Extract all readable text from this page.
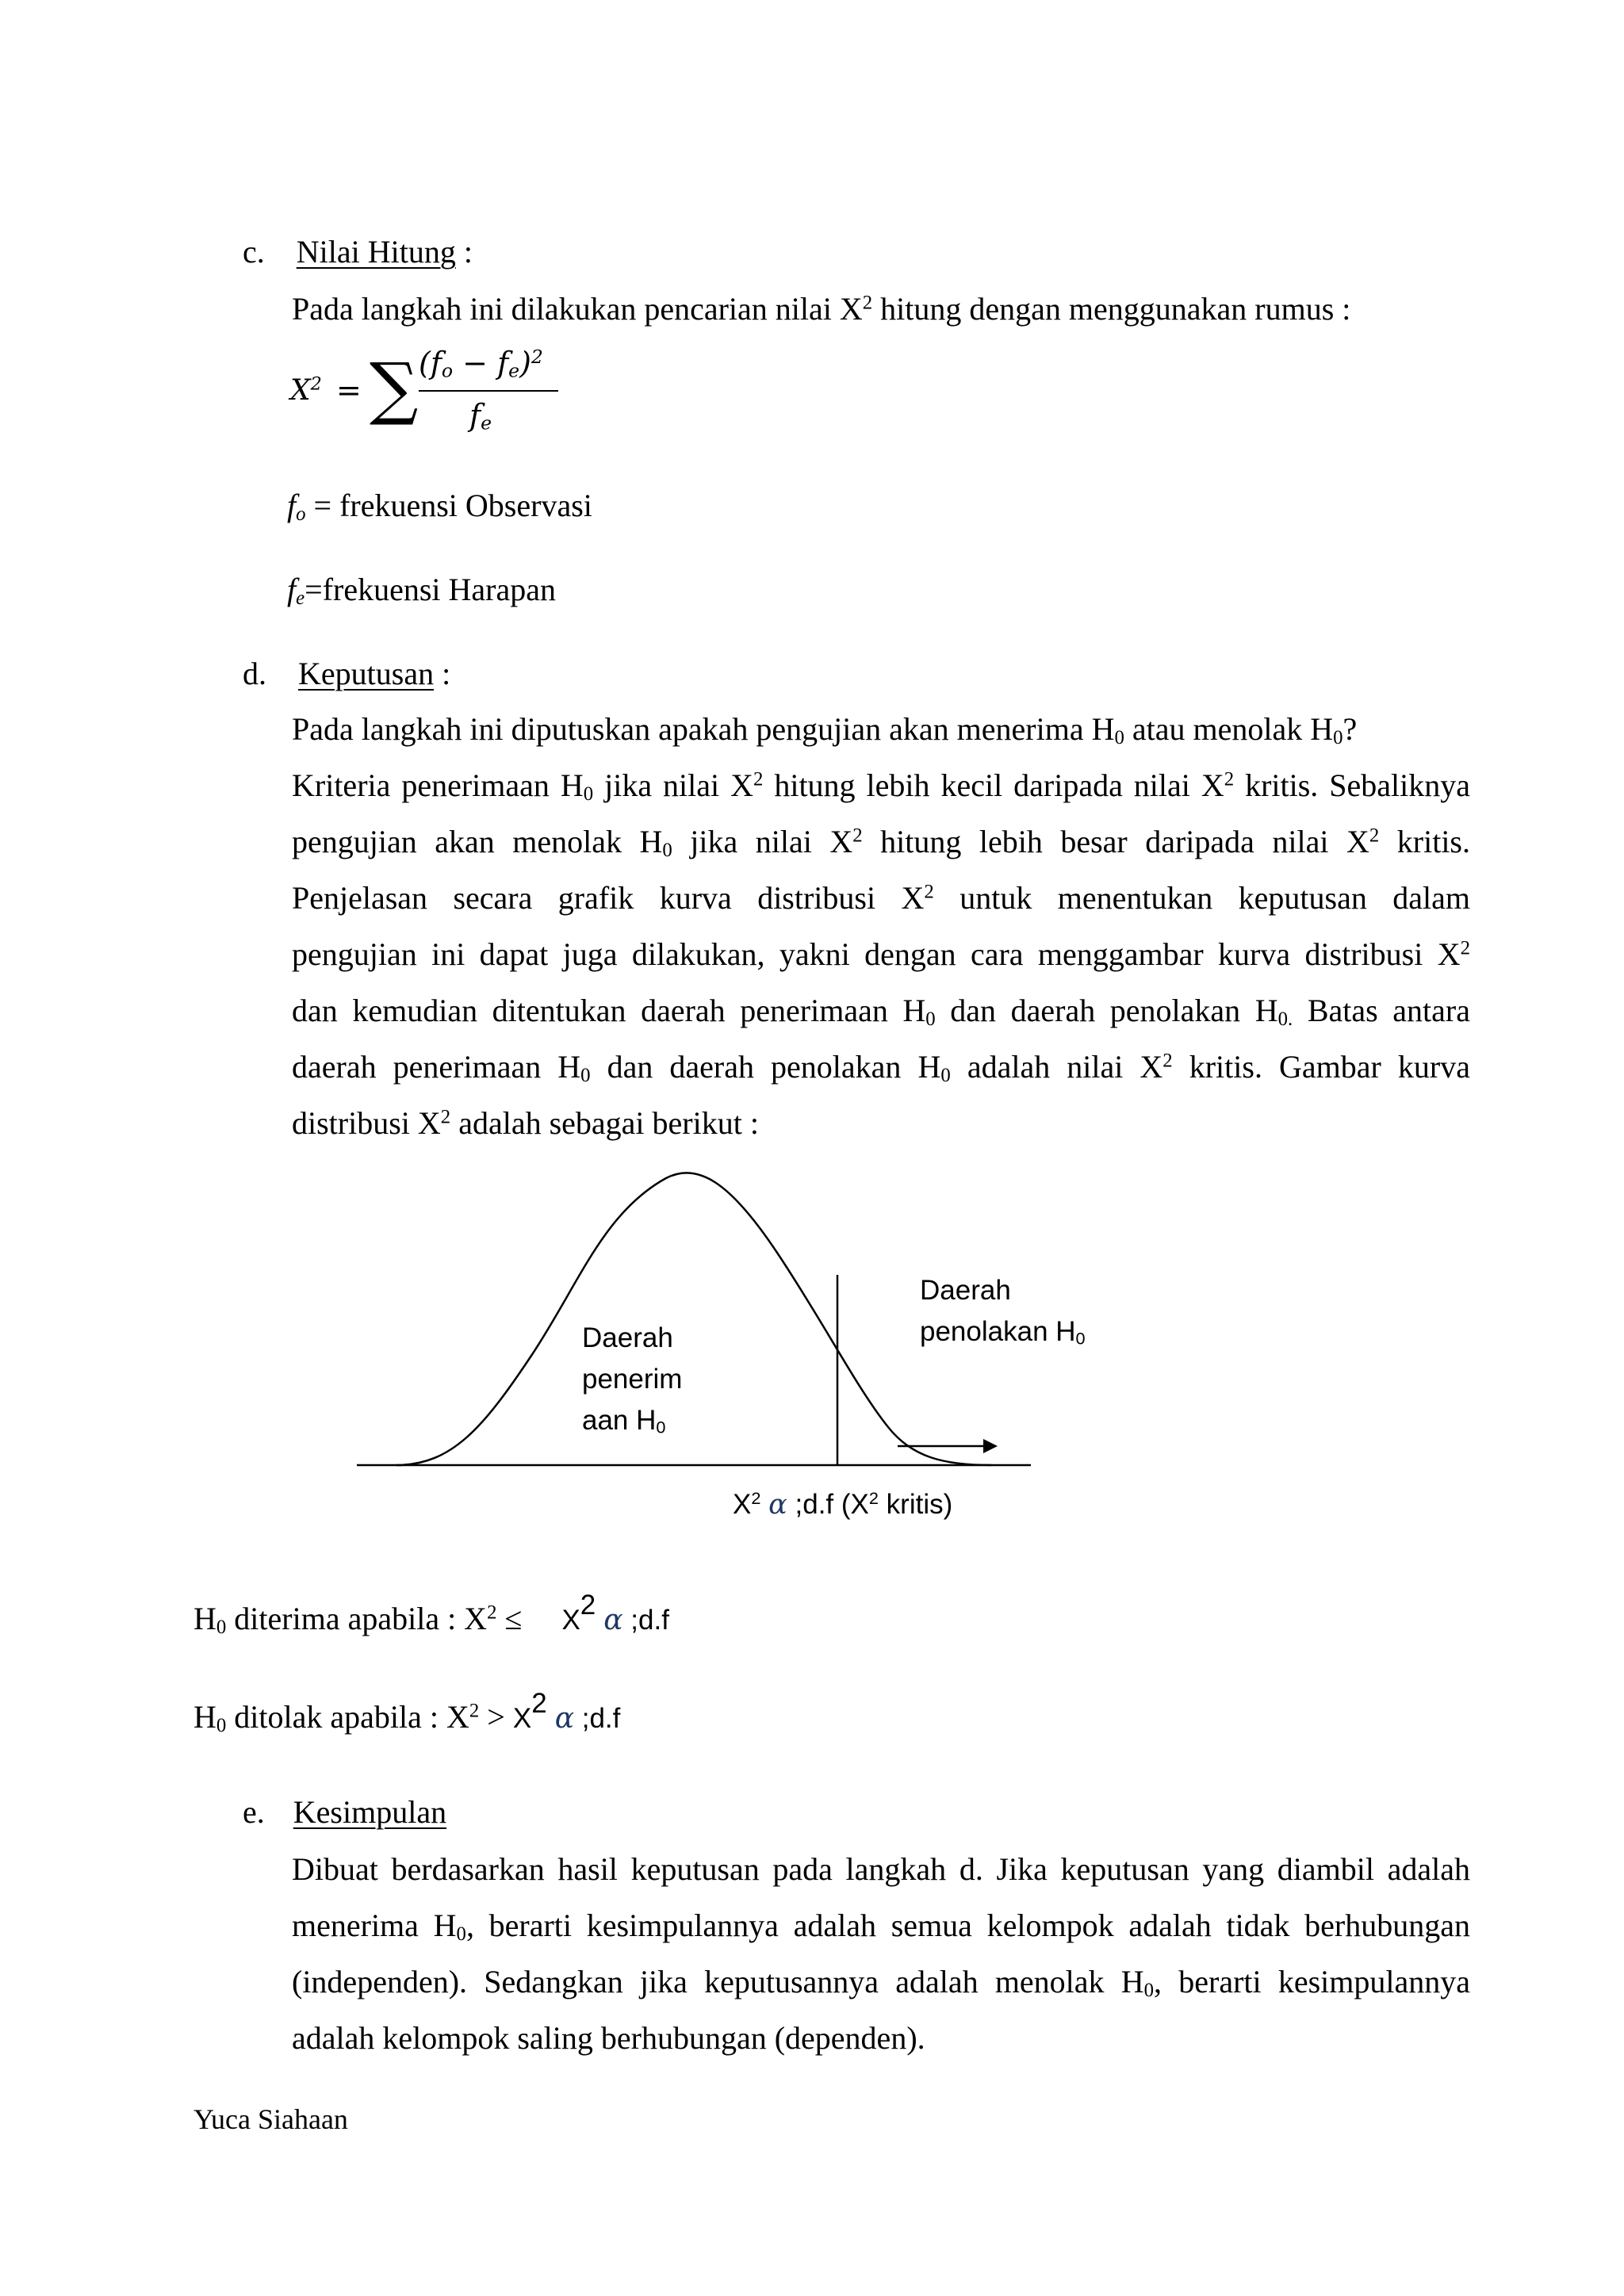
c. Nilai Hitung :
Pada langkah ini dilakukan pencarian nilai $X^2$ hitung dengan menggunakan rumus :
$X^2$ = ∑ $(f_o - f_e)^2$
$f_e$
$f_o$ = frekuensi Observasi
$f_e=frekuensi$ Harapan
d. Keputusan :
Pada langkah ini diputuskan apakah pengujian akan menerima $H_0$ atau menolak $H_0$?
Kriteria penerimaan $H_0$ jika nilai $X^2$ hitung lebih kecil daripada nilai $X^2$ kritis. Sebaliknya
pengujian akan menolak $H_0$ jika nilai $X^2$ hitung lebih besar daripada nilai $X^2$ kritis.
Penjelasan secara grafik kurva distribusi $X^2$ untuk menentukan keputusan dalam
pengujian ini dapat juga dilakukan, yakni dengan cara menggambar kurva distribusi $X^2$
dan kemudian ditentukan daerah penerimaan $H_0$ dan daerah penolakan $H_{0.}$ Batas antara
daerah penerimaan $H_0$ dan daerah penolakan $H_0$ adalah nilai $X^2$ kritis. Gambar kurva
distribusi $X^2$ adalah sebagai berikut :
Daerah
penerim
aan $H_0$
Daerah
penolakan $H_0$
$X^2$ α ;d.f ($X^2$ kritis)
$H_0$ diterima apabila : $X^2 \le X^2$ α ;d.f
$H_0$ ditolak apabila : $X^2 > X^2$ α ;d.f
e. Kesimpulan
Dibuat berdasarkan hasil keputusan pada langkah d. Jika keputusan yang diambil adalah
menerima $H_0$, berarti kesimpulannya adalah semua kelompok adalah tidak berhubungan
(independen). Sedangkan jika keputusannya adalah menolak $H_0$, berarti kesimpulannya
adalah kelompok saling berhubungan (dependen).
Yuca Siahaan
